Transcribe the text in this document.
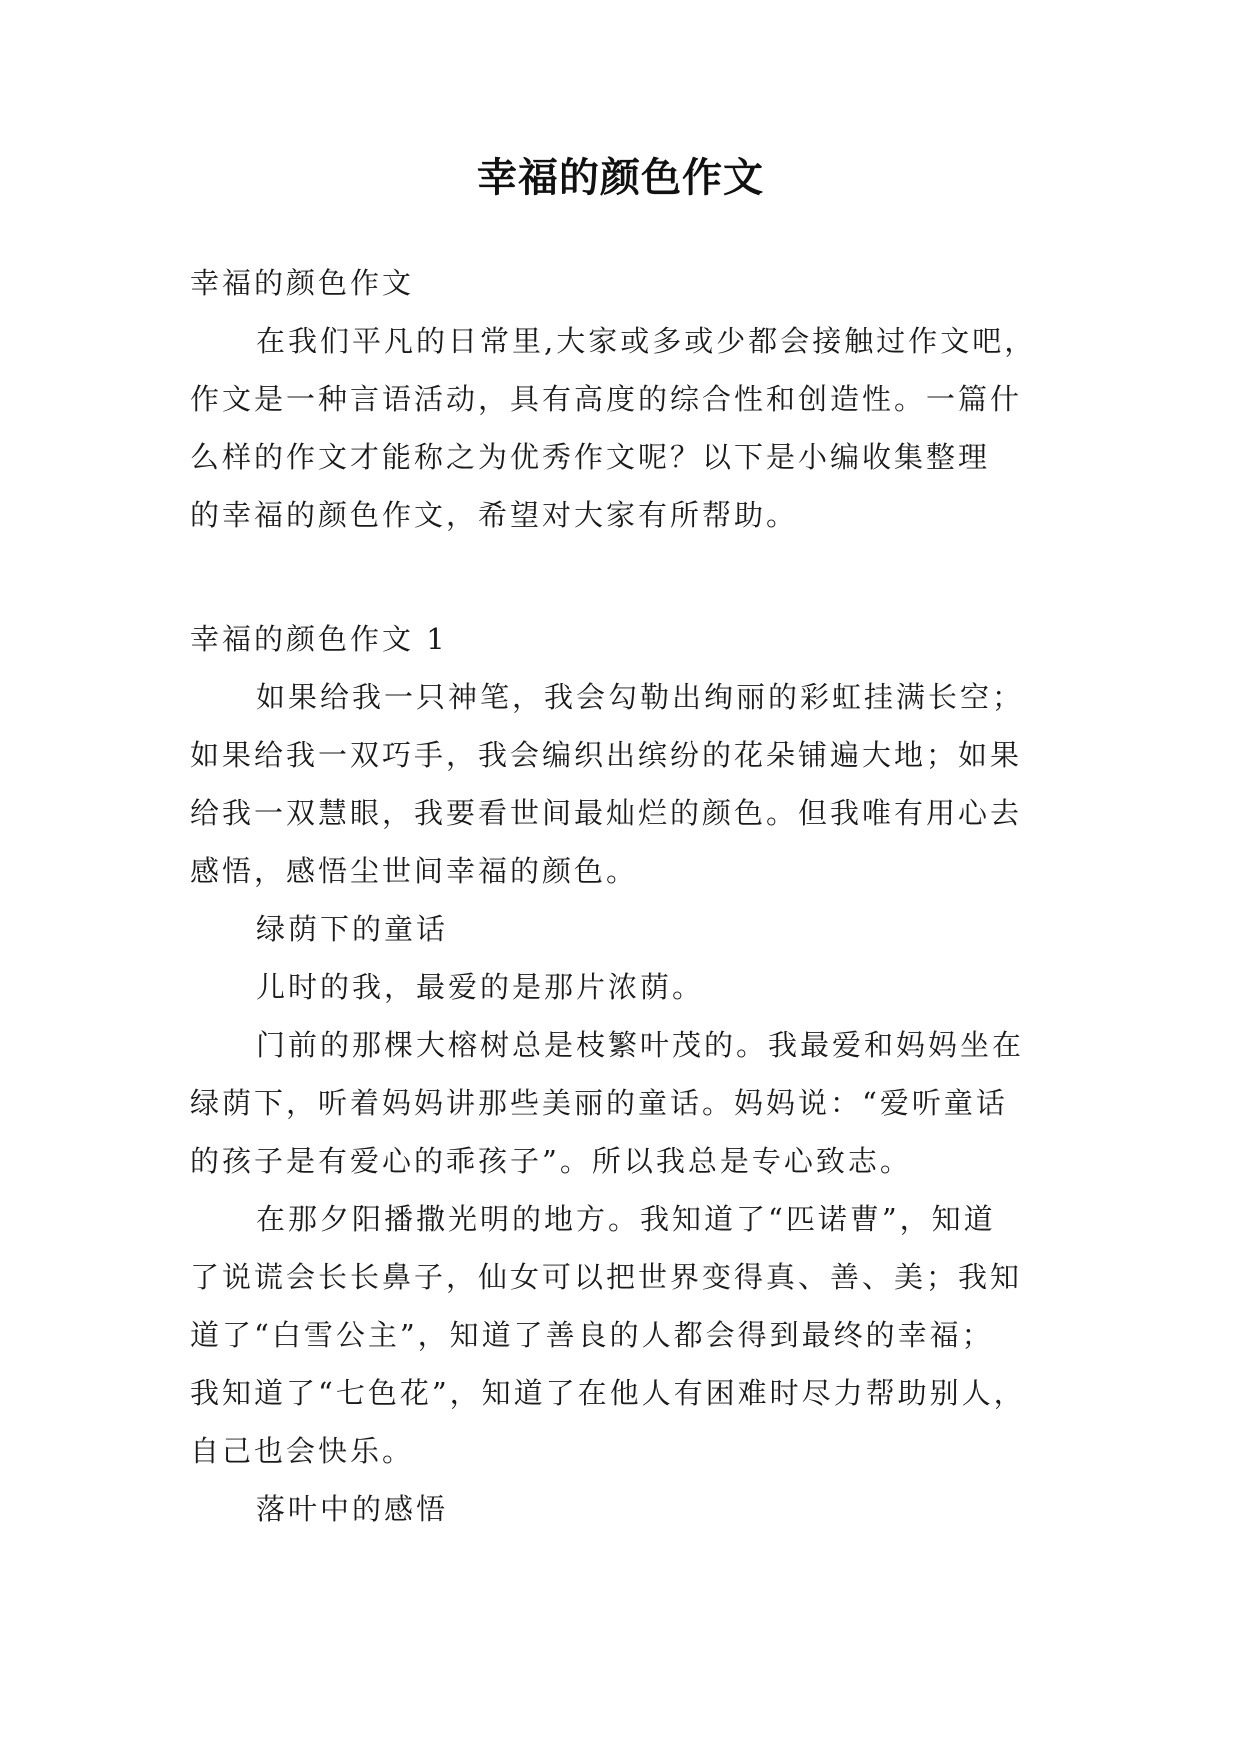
幸福的颜色作文

幸福的颜色作文

在我们平凡的日常里,大家或多或少都会接触过作文吧，

作文是一种言语活动，具有高度的综合性和创造性。一篇什

么样的作文才能称之为优秀作文呢？以下是小编收集整理

的幸福的颜色作文，希望对大家有所帮助。

幸福的颜色作文 1

如果给我一只神笔，我会勾勒出绚丽的彩虹挂满长空；

如果给我一双巧手，我会编织出缤纷的花朵铺遍大地；如果

给我一双慧眼，我要看世间最灿烂的颜色。但我唯有用心去

感悟，感悟尘世间幸福的颜色。

绿荫下的童话

儿时的我，最爱的是那片浓荫。

门前的那棵大榕树总是枝繁叶茂的。我最爱和妈妈坐在

绿荫下，听着妈妈讲那些美丽的童话。妈妈说：“爱听童话

的孩子是有爱心的乖孩子”。所以我总是专心致志。

在那夕阳播撒光明的地方。我知道了“匹诺曹”，知道

了说谎会长长鼻子，仙女可以把世界变得真、善、美；我知

道了“白雪公主”，知道了善良的人都会得到最终的幸福；

我知道了“七色花”，知道了在他人有困难时尽力帮助别人，

自己也会快乐。

落叶中的感悟
